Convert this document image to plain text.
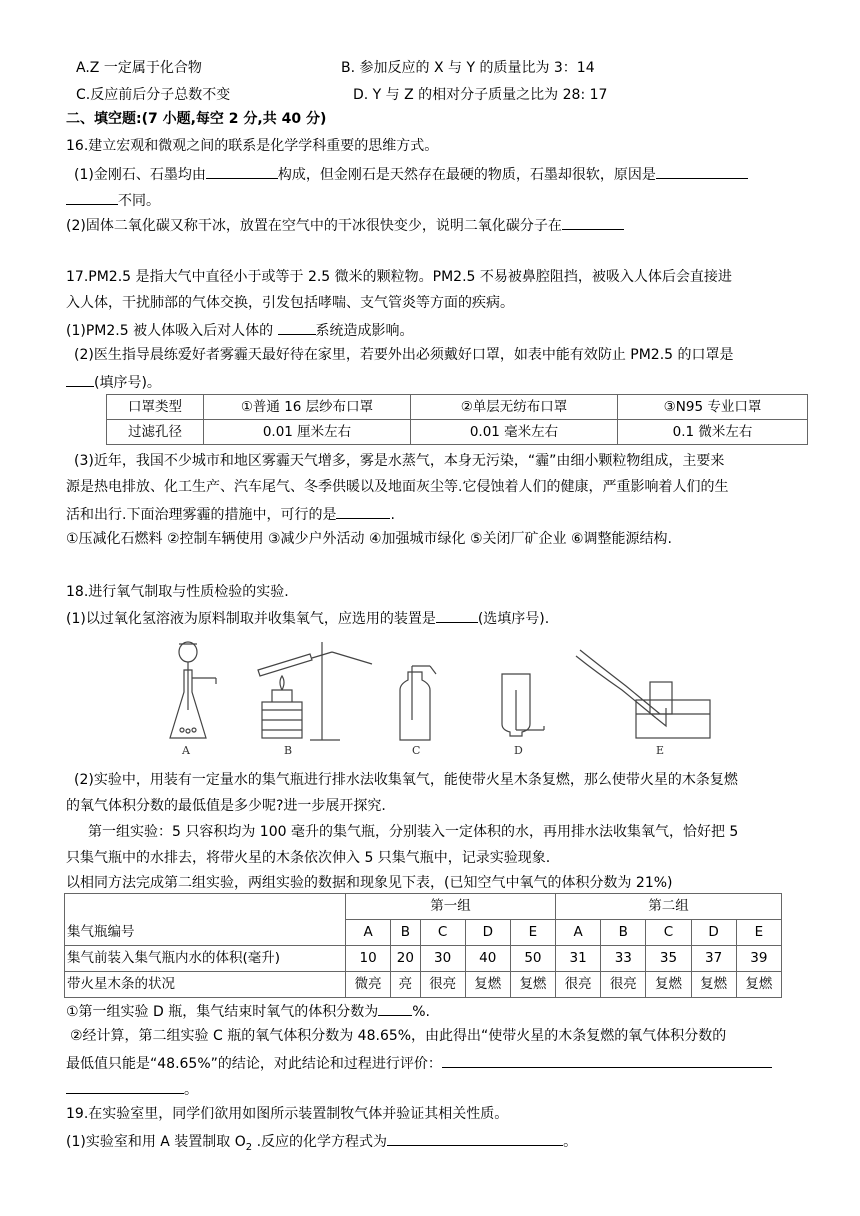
A.Z 一定属于化合物	B. 参加反应的 X 与 Y 的质量比为 3：14
C.反应前后分子总数不变	D. Y 与 Z 的相对分子质量之比为 28: 17
二、填空题:(7 小题,每空 2 分,共 40 分)
16.建立宏观和微观之间的联系是化学学科重要的思维方式。
(1)金刚石、石墨均由	构成，但金刚石是天然存在最硬的物质，石墨却很软，原因是
不同。
(2)固体二氧化碳又称干冰，放置在空气中的干冰很快变少，说明二氧化碳分子在
17.PM2.5 是指大气中直径小于或等于 2.5 微米的颗粒物。PM2.5 不易被鼻腔阻挡，被吸入人体后会直接进
入人体，干扰肺部的气体交换，引发包括哮喘、支气管炎等方面的疾病。
(1)PM2.5 被人体吸入后对人体的	系统造成影响。
(2)医生指导晨练爱好者雾霾天最好待在家里，若要外出必须戴好口罩，如表中能有效防止 PM2.5 的口罩是
(填序号)。
口罩类型	①普通 16 层纱布口罩	②单层无纺布口罩	③N95 专业口罩
过滤孔径	0.01 厘米左右	0.01 毫米左右	0.1 微米左右
(3)近年，我国不少城市和地区雾霾天气增多，雾是水蒸气，本身无污染，“霾”由细小颗粒物组成，主要来
源是热电排放、化工生产、汽车尾气、冬季供暖以及地面灰尘等.它侵蚀着人们的健康，严重影响着人们的生
活和出行.下面治理雾霾的措施中，可行的是	.
①压减化石燃料 ②控制车辆使用 ③减少户外活动 ④加强城市绿化 ⑤关闭厂矿企业 ⑥调整能源结构.
18.进行氧气制取与性质检验的实验.
(1)以过氧化氢溶液为原料制取并收集氧气，应选用的装置是	(选填序号).
A	B	C	D	E
(2)实验中，用装有一定量水的集气瓶进行排水法收集氧气，能使带火星木条复燃，那么使带火星的木条复燃
的氧气体积分数的最低值是多少呢?进一步展开探究.
第一组实验：5 只容积均为 100 毫升的集气瓶，分别装入一定体积的水，再用排水法收集氧气，恰好把 5
只集气瓶中的水排去，将带火星的木条依次伸入 5 只集气瓶中，记录实验现象.
以相同方法完成第二组实验，两组实验的数据和现象见下表，(已知空气中氧气的体积分数为 21%)
	第一组					第二组				
集气瓶编号	A	B	C	D	E	A	B	C	D	E
集气前装入集气瓶内水的体积(毫升)	10	20	30	40	50	31	33	35	37	39
带火星木条的状况	微亮	亮	很亮	复燃	复燃	很亮	很亮	复燃	复燃	复燃
①第一组实验 D 瓶，集气结束时氧气的体积分数为 %.
②经计算，第二组实验 C 瓶的氧气体积分数为 48.65%，由此得出“使带火星的木条复燃的氧气体积分数的
最低值只能是“48.65%”的结论，对此结论和过程进行评价：
。
19.在实验室里，同学们欲用如图所示装置制牧气体并验证其相关性质。
(1)实验室和用 A 装置制取 $O_2$ .反应的化学方程式为	。
